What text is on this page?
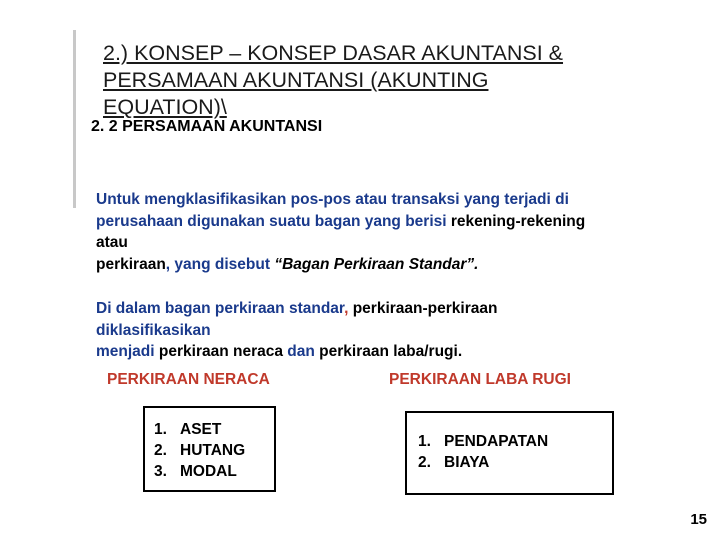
2.) KONSEP – KONSEP DASAR AKUNTANSI &
PERSAMAAN AKUNTANSI (AKUNTING
EQUATION)\
2. 2 PERSAMAAN AKUNTANSI
Untuk mengklasifikasikan pos-pos atau transaksi yang terjadi di
perusahaan digunakan suatu bagan yang berisi rekening-rekening
atau
perkiraan, yang disebut “Bagan Perkiraan Standar”.
Di dalam bagan perkiraan standar, perkiraan-perkiraan
diklasifikasikan
menjadi perkiraan neraca dan perkiraan laba/rugi.
PERKIRAAN NERACA	PERKIRAAN LABA RUGI
1. ASET
2. HUTANG
3. MODAL
1. PENDAPATAN
2. BIAYA
15
